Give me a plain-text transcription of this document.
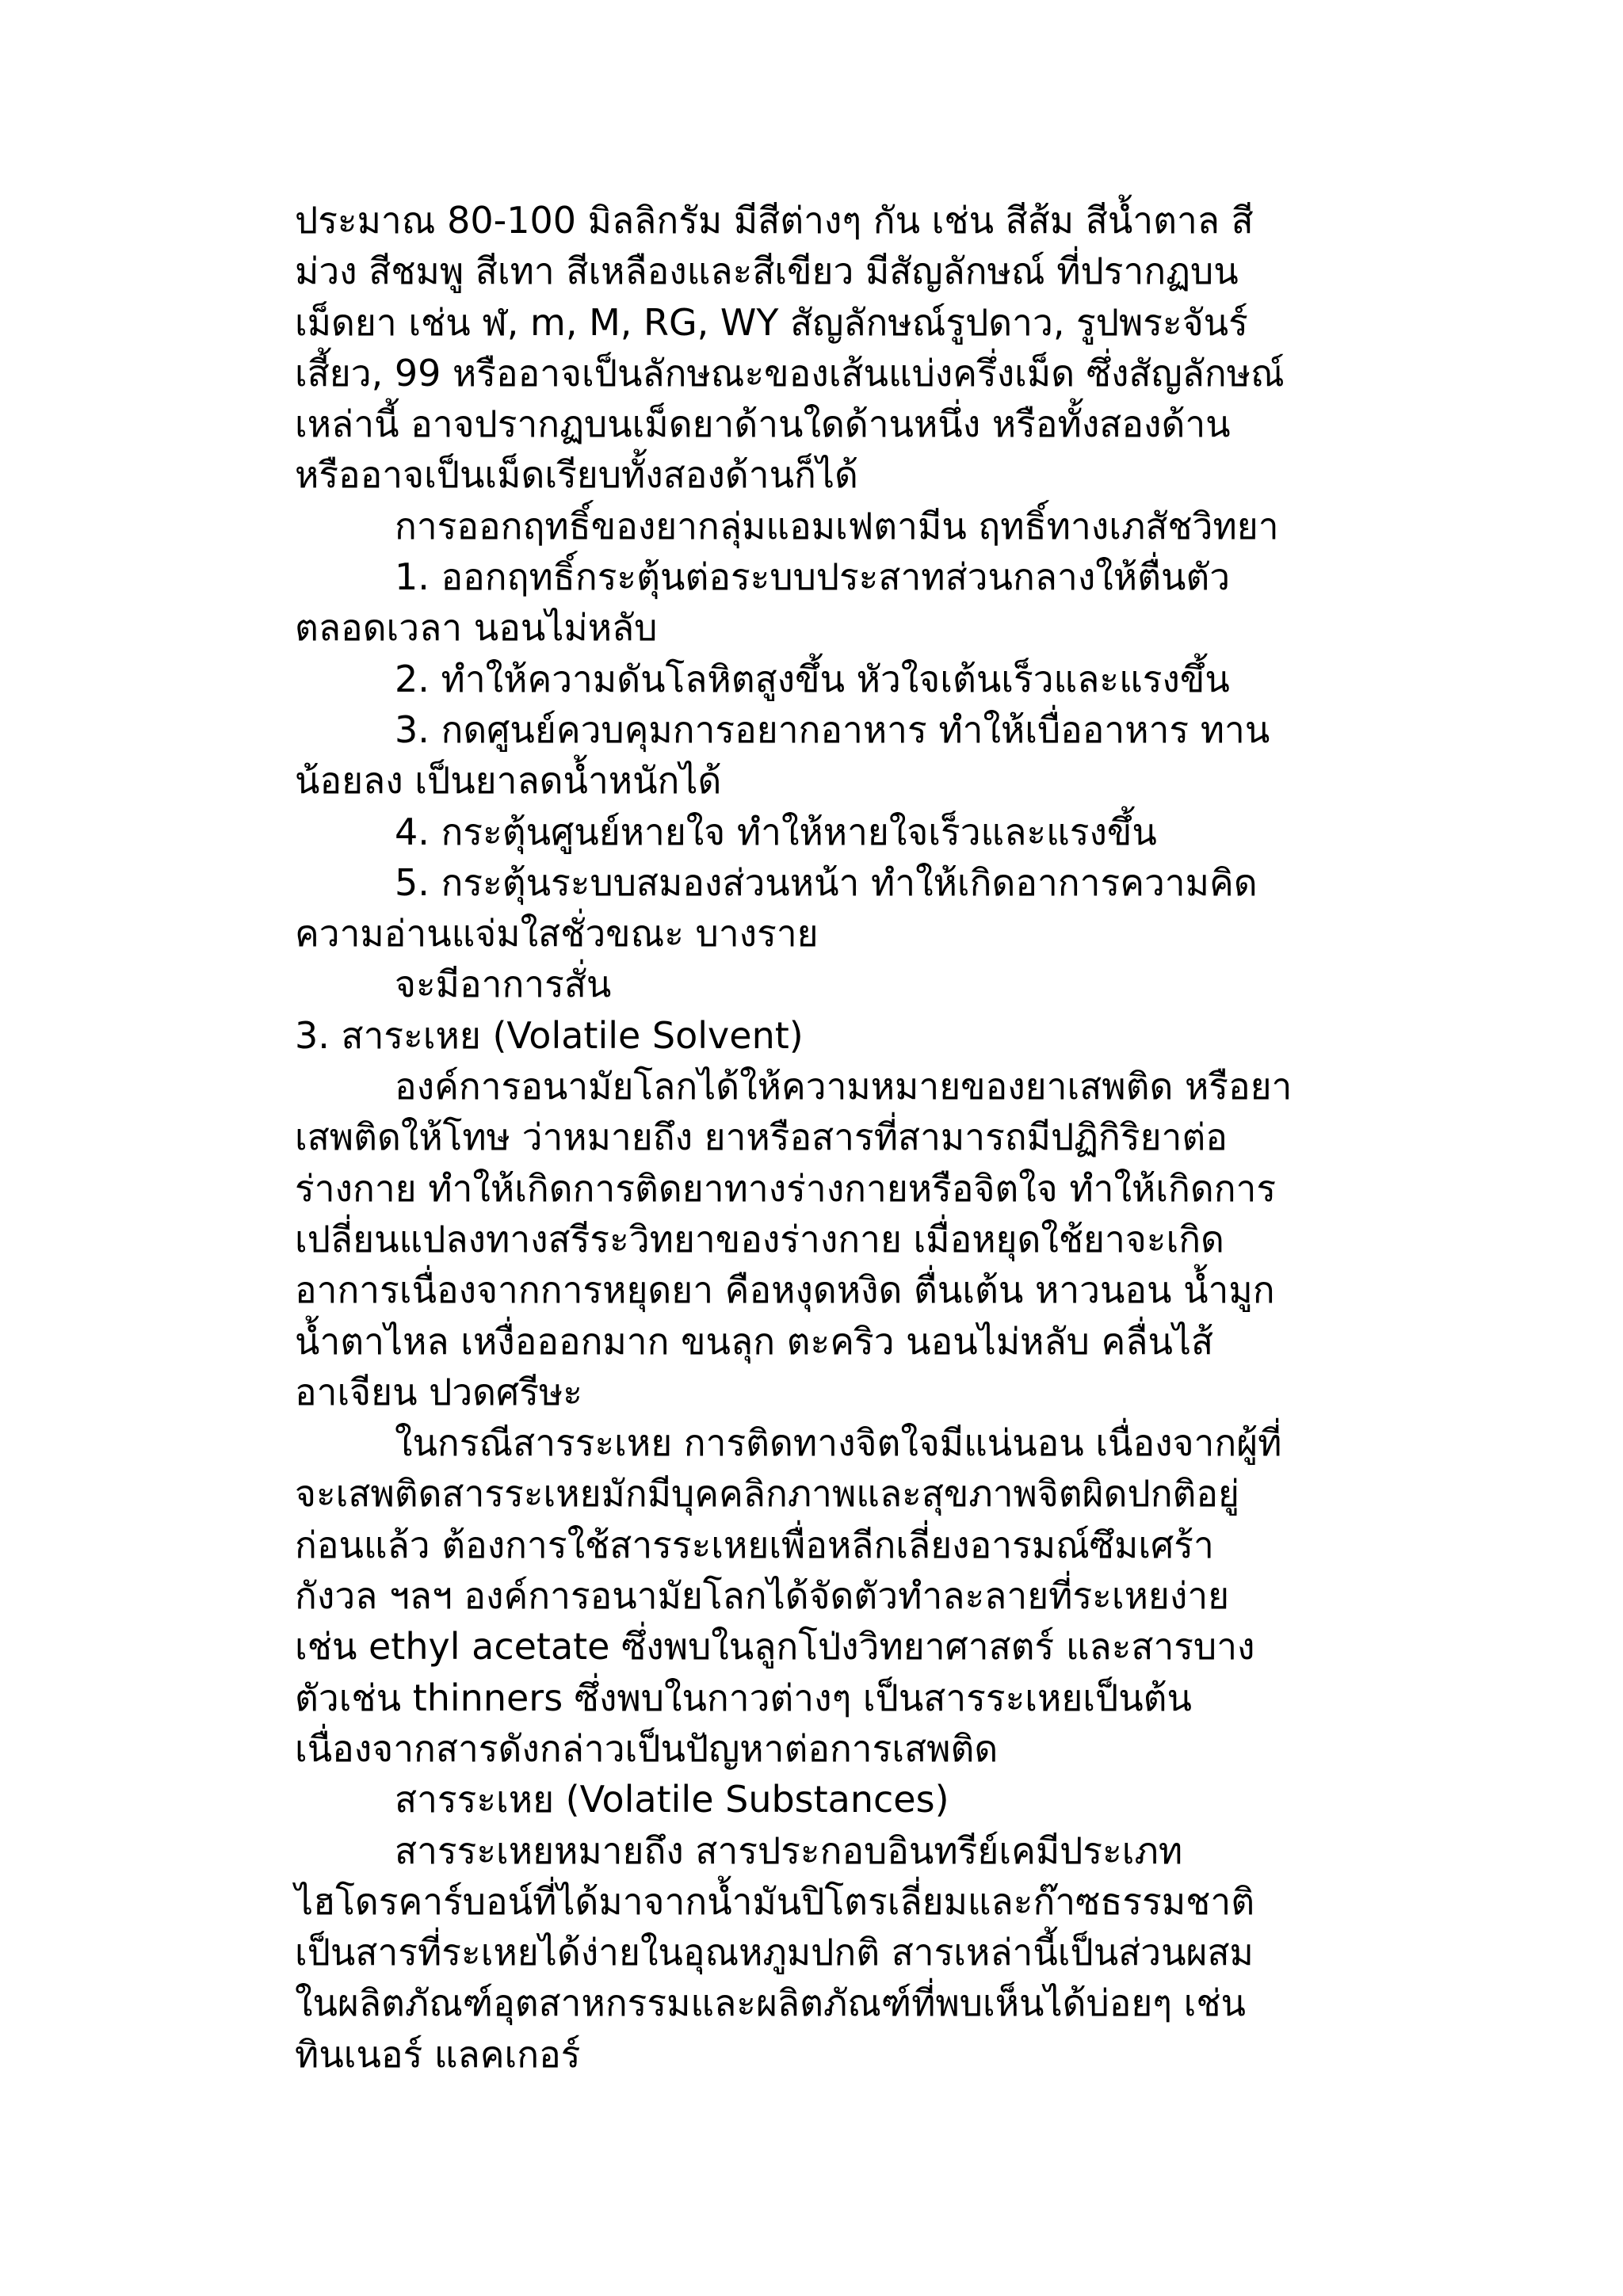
ประมาณ 80-100 มิลลิกรัม มีสีต่างๆ กัน เช่น สีส้ม สีน้ำตาล สี
ม่วง สีชมพู สีเทา สีเหลืองและสีเขียว มีสัญลักษณ์ ที่ปรากฏบน
เม็ดยา เช่น ฬ, m, M, RG, WY สัญลักษณ์รูปดาว, รูปพระจันร์
เสี้ยว, 99 หรืออาจเป็นลักษณะของเส้นแบ่งครึ่งเม็ด ซึ่งสัญลักษณ์
เหล่านี้ อาจปรากฏบนเม็ดยาด้านใดด้านหนึ่ง หรือทั้งสองด้าน
หรืออาจเป็นเม็ดเรียบทั้งสองด้านก็ได้
การออกฤทธิ์ของยากลุ่มแอมเฟตามีน ฤทธิ์ทางเภสัชวิทยา
1. ออกฤทธิ์กระตุ้นต่อระบบประสาทส่วนกลางให้ตื่นตัว
ตลอดเวลา นอนไม่หลับ
2. ทำให้ความดันโลหิตสูงขึ้น หัวใจเต้นเร็วและแรงขึ้น
3. กดศูนย์ควบคุมการอยากอาหาร ทำให้เบื่ออาหาร ทาน
น้อยลง เป็นยาลดน้ำหนักได้
4. กระตุ้นศูนย์หายใจ ทำให้หายใจเร็วและแรงขึ้น
5. กระตุ้นระบบสมองส่วนหน้า ทำให้เกิดอาการความคิด
ความอ่านแจ่มใสชั่วขณะ บางราย
จะมีอาการสั่น
3. สาระเหย (Volatile Solvent)
องค์การอนามัยโลกได้ให้ความหมายของยาเสพติด หรือยา
เสพติดให้โทษ ว่าหมายถึง ยาหรือสารที่สามารถมีปฏิกิริยาต่อ
ร่างกาย ทำให้เกิดการติดยาทางร่างกายหรือจิตใจ ทำให้เกิดการ
เปลี่ยนแปลงทางสรีระวิทยาของร่างกาย เมื่อหยุดใช้ยาจะเกิด
อาการเนื่องจากการหยุดยา คือหงุดหงิด ตื่นเต้น หาวนอน น้ำมูก
น้ำตาไหล เหงื่อออกมาก ขนลุก ตะคริว นอนไม่หลับ คลื่นไส้
อาเจียน ปวดศรีษะ
ในกรณีสารระเหย การติดทางจิตใจมีแน่นอน เนื่องจากผู้ที่
จะเสพติดสารระเหยมักมีบุคคลิกภาพและสุขภาพจิตผิดปกติอยู่
ก่อนแล้ว ต้องการใช้สารระเหยเพื่อหลีกเลี่ยงอารมณ์ซึมเศร้า
กังวล ฯลฯ องค์การอนามัยโลกได้จัดตัวทำละลายที่ระเหยง่าย
เช่น ethyl acetate ซึ่งพบในลูกโป่งวิทยาศาสตร์ และสารบาง
ตัวเช่น thinners ซึ่งพบในกาวต่างๆ เป็นสารระเหยเป็นต้น
เนื่องจากสารดังกล่าวเป็นปัญหาต่อการเสพติด
สารระเหย (Volatile Substances)
สารระเหยหมายถึง สารประกอบอินทรีย์เคมีประเภท
ไฮโดรคาร์บอน์ที่ได้มาจากน้ำมันปิโตรเลี่ยมและก๊าซธรรมชาติ
เป็นสารที่ระเหยได้ง่ายในอุณหภูมปกติ สารเหล่านี้เป็นส่วนผสม
ในผลิตภัณฑ์อุตสาหกรรมและผลิตภัณฑ์ที่พบเห็นได้บ่อยๆ เช่น
ทินเนอร์ แลคเกอร์
